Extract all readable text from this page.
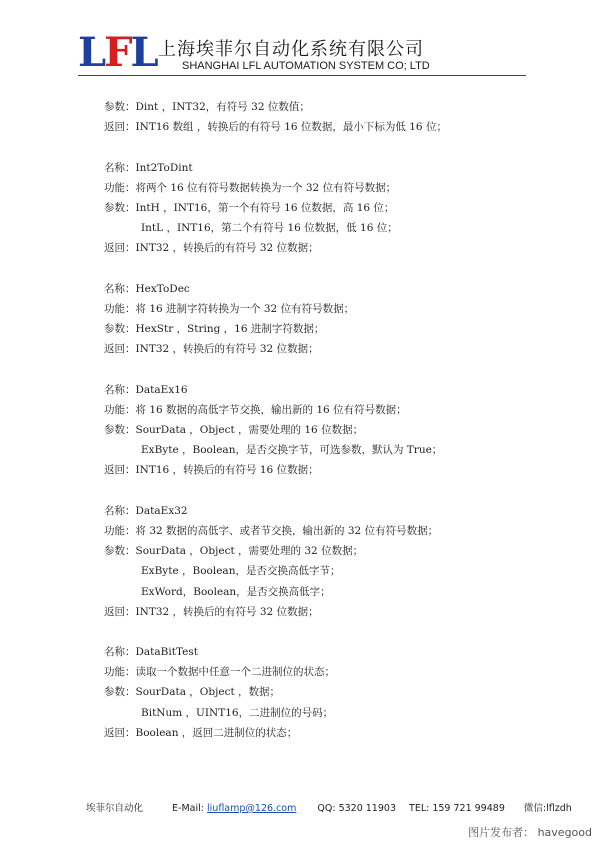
LFL 上海埃菲尔自动化系统有限公司
SHANGHAI LFL AUTOMATION SYSTEM CO; LTD
参数：Dint ，INT32，有符号 32 位数值；
返回：INT16 数组 ，转换后的有符号 16 位数据，最小下标为低 16 位；
名称：Int2ToDint
功能：将两个 16 位有符号数据转换为一个 32 位有符号数据；
参数：IntH ，INT16，第一个有符号 16 位数据，高 16 位；
IntL ，INT16，第二个有符号 16 位数据，低 16 位；
返回：INT32 ，转换后的有符号 32 位数据；
名称：HexToDec
功能：将 16 进制字符转换为一个 32 位有符号数据；
参数：HexStr ，String ，16 进制字符数据；
返回：INT32 ，转换后的有符号 32 位数据；
名称：DataEx16
功能：将 16 数据的高低字节交换，输出新的 16 位有符号数据；
参数：SourData ，Object ，需要处理的 16 位数据；
ExByte ，Boolean，是否交换字节，可选参数，默认为 True；
返回：INT16 ，转换后的有符号 16 位数据；
名称：DataEx32
功能：将 32 数据的高低字、或者节交换，输出新的 32 位有符号数据；
参数：SourData ，Object ，需要处理的 32 位数据；
ExByte ，Boolean，是否交换高低字节；
ExWord，Boolean，是否交换高低字；
返回：INT32 ，转换后的有符号 32 位数据；
名称：DataBitTest
功能：读取一个数据中任意一个二进制位的状态；
参数：SourData ，Object ，数据；
BitNum ，UINT16，二进制位的号码；
返回：Boolean ，返回二进制位的状态；
埃菲尔自动化	E-Mail: liuflamp@126.com QQ: 5320 11903 TEL: 159 721 99489 微信:lflzdh
图片发布者： havegood
